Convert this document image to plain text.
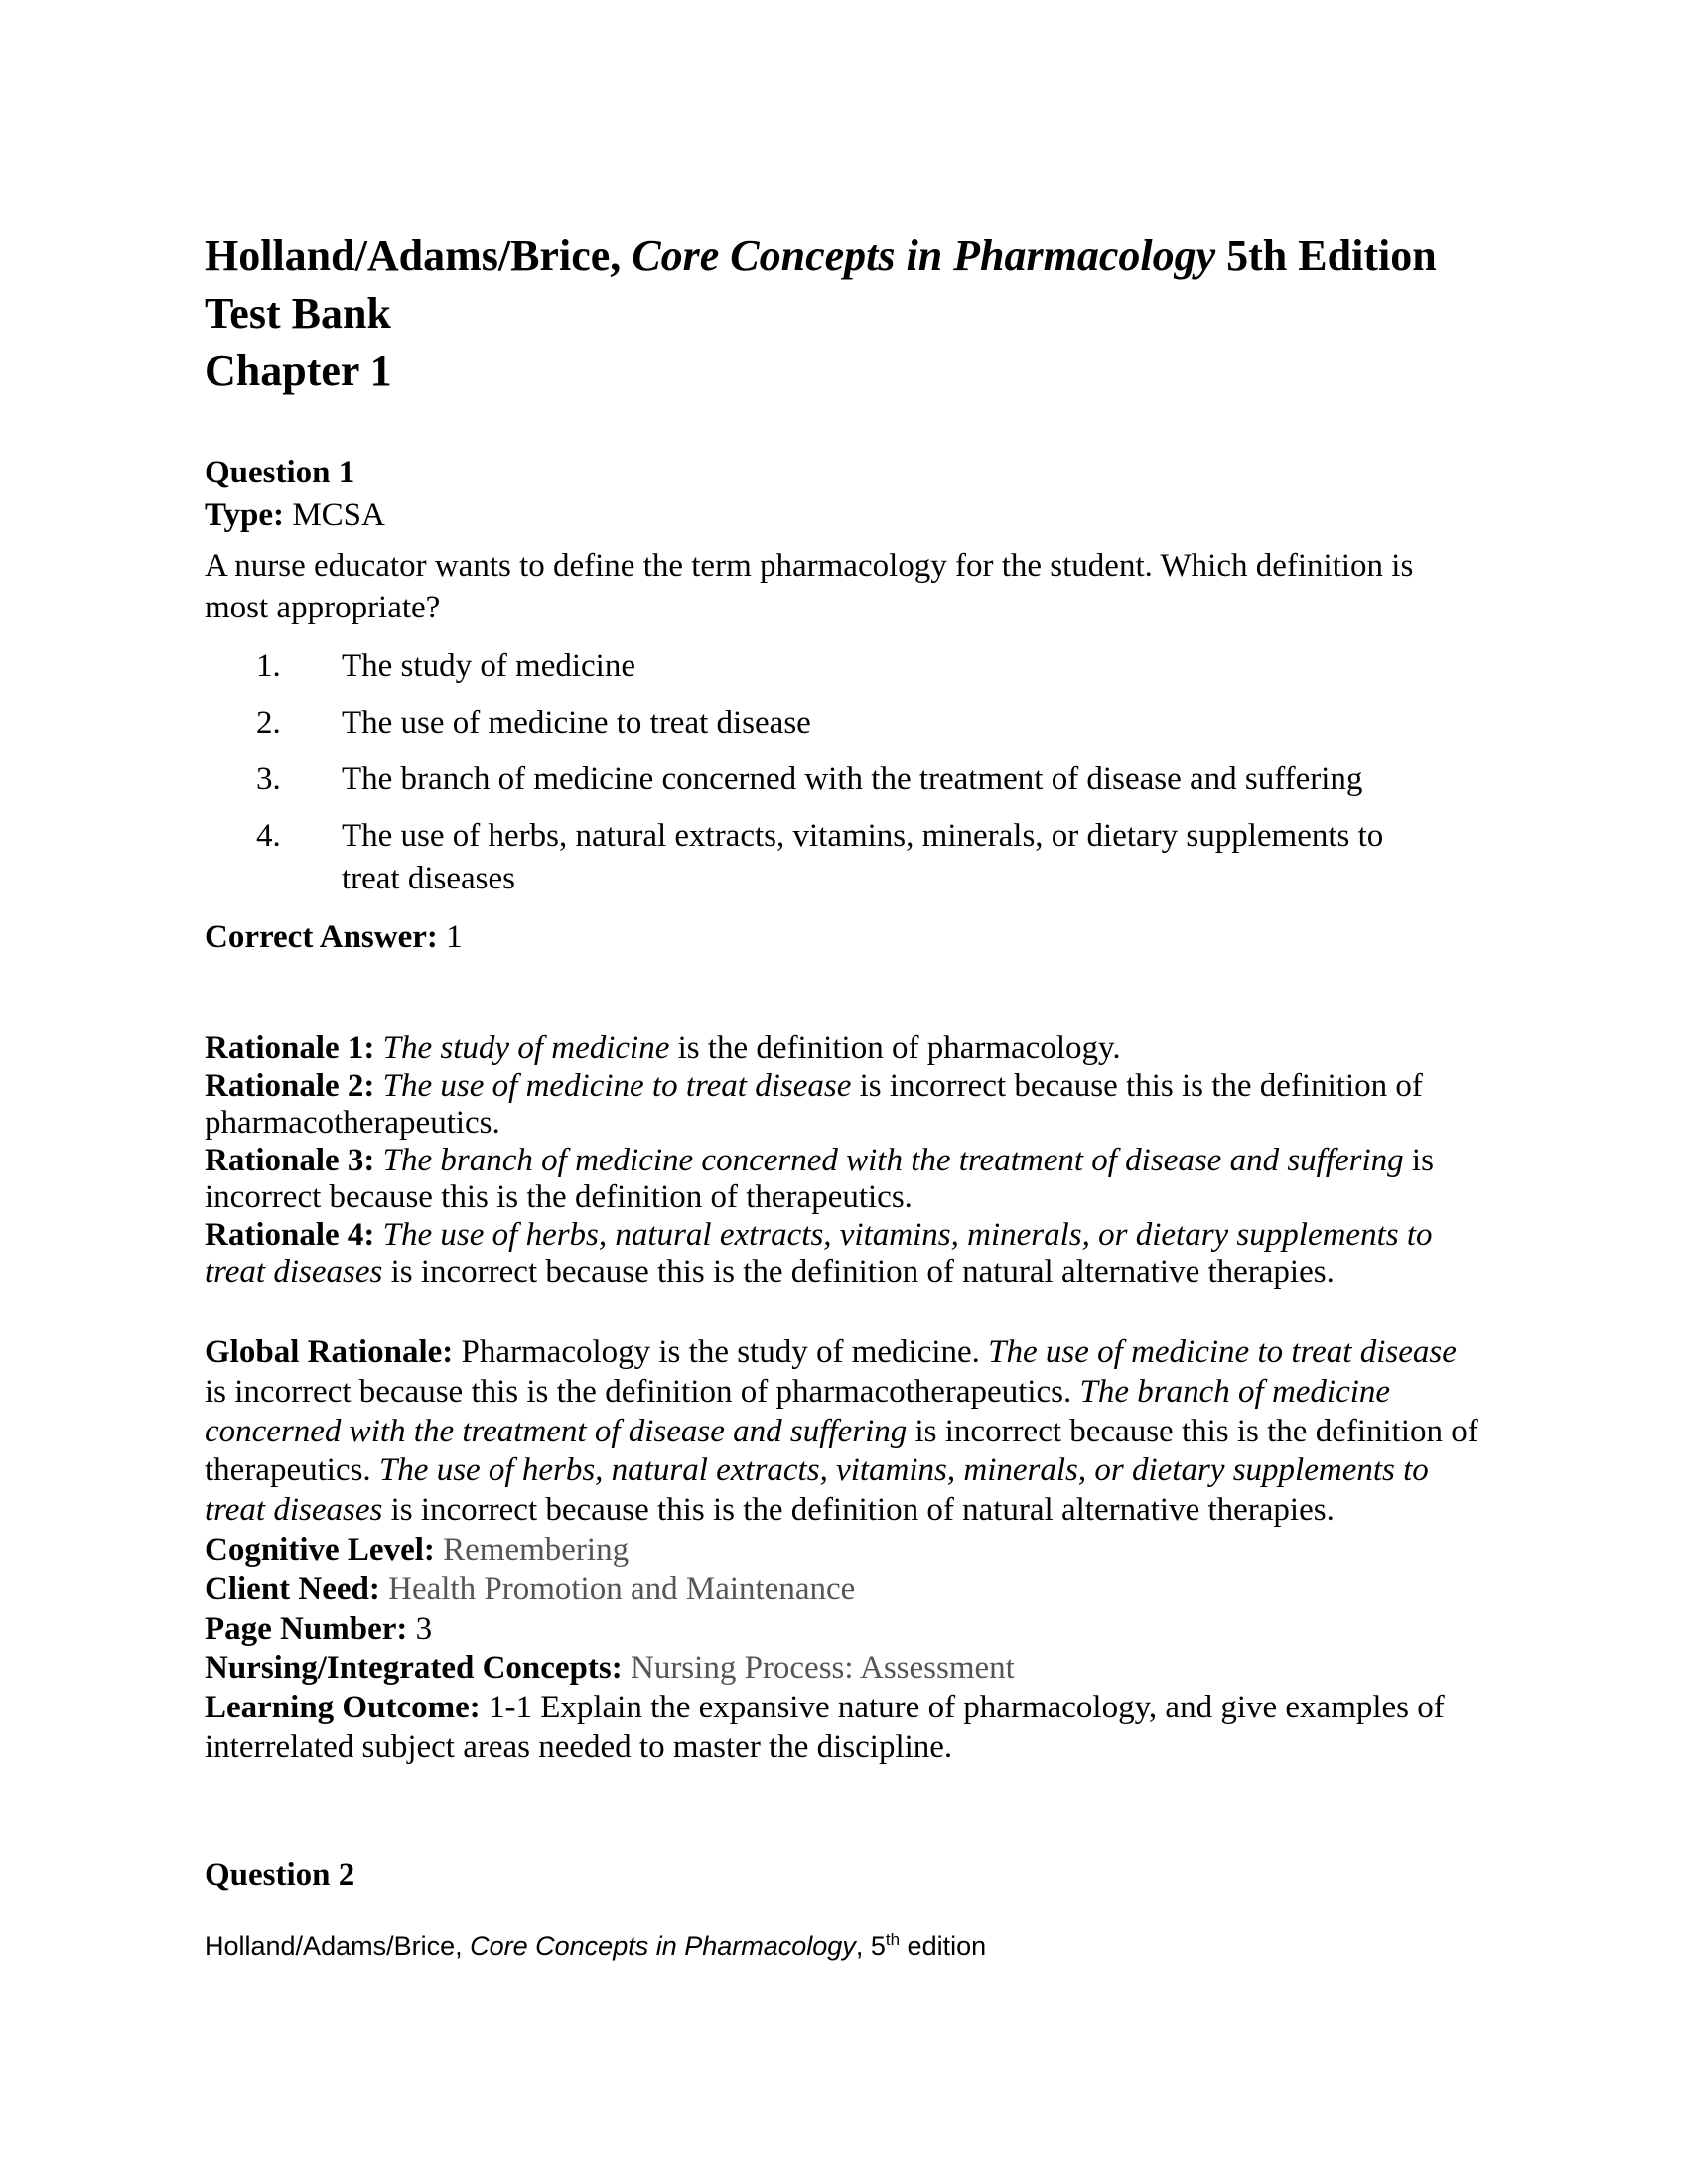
Holland/Adams/Brice, Core Concepts in Pharmacology 5th Edition
Test Bank
Chapter 1
Question 1
Type: MCSA
A nurse educator wants to define the term pharmacology for the student. Which definition is most appropriate?
1. The study of medicine
2. The use of medicine to treat disease
3. The branch of medicine concerned with the treatment of disease and suffering
4. The use of herbs, natural extracts, vitamins, minerals, or dietary supplements to treat diseases
Correct Answer: 1
Rationale 1: The study of medicine is the definition of pharmacology.
Rationale 2: The use of medicine to treat disease is incorrect because this is the definition of pharmacotherapeutics.
Rationale 3: The branch of medicine concerned with the treatment of disease and suffering is incorrect because this is the definition of therapeutics.
Rationale 4: The use of herbs, natural extracts, vitamins, minerals, or dietary supplements to treat diseases is incorrect because this is the definition of natural alternative therapies.
Global Rationale: Pharmacology is the study of medicine. The use of medicine to treat disease is incorrect because this is the definition of pharmacotherapeutics. The branch of medicine concerned with the treatment of disease and suffering is incorrect because this is the definition of therapeutics. The use of herbs, natural extracts, vitamins, minerals, or dietary supplements to treat diseases is incorrect because this is the definition of natural alternative therapies.
Cognitive Level: Remembering
Client Need: Health Promotion and Maintenance
Page Number: 3
Nursing/Integrated Concepts: Nursing Process: Assessment
Learning Outcome: 1-1 Explain the expansive nature of pharmacology, and give examples of interrelated subject areas needed to master the discipline.
Question 2
Holland/Adams/Brice, Core Concepts in Pharmacology, 5th edition
